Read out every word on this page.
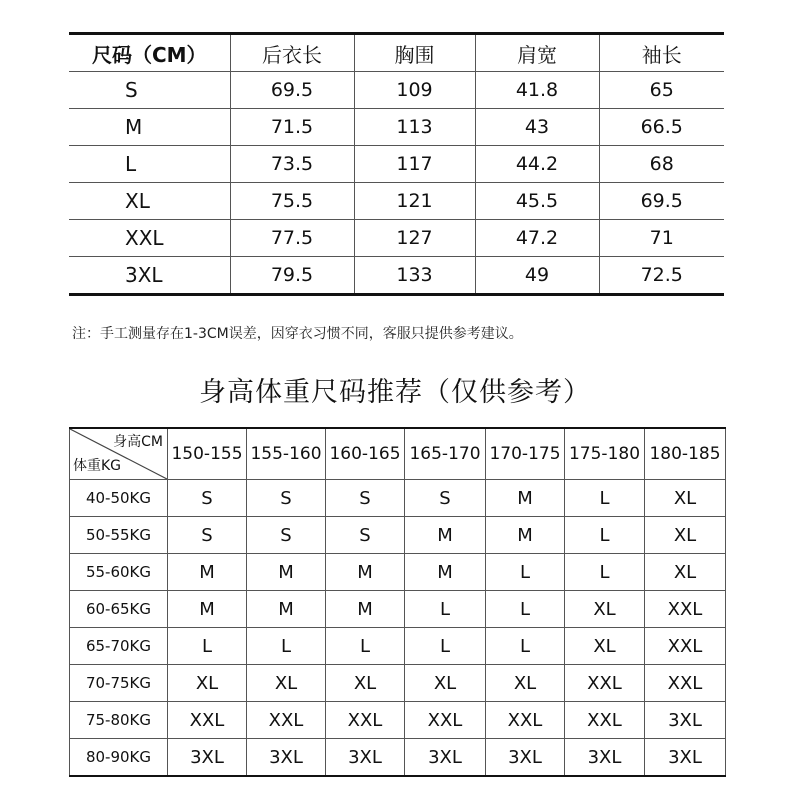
尺码（CM）	后衣长	胸围	肩宽	袖长
S	69.5	109	41.8	65
M	71.5	113	43	66.5
L	73.5	117	44.2	68
XL	75.5	121	45.5	69.5
XXL	77.5	127	47.2	71
3XL	79.5	133	49	72.5
注：手工测量存在1-3CM误差，因穿衣习惯不同，客服只提供参考建议。
身高体重尺码推荐（仅供参考）
身高CM
体重KG	150-155	155-160	160-165	165-170	170-175	175-180	180-185
40-50KG	S	S	S	S	M	L	XL
50-55KG	S	S	S	M	M	L	XL
55-60KG	M	M	M	M	L	L	XL
60-65KG	M	M	M	L	L	XL	XXL
65-70KG	L	L	L	L	L	XL	XXL
70-75KG	XL	XL	XL	XL	XL	XXL	XXL
75-80KG	XXL	XXL	XXL	XXL	XXL	XXL	3XL
80-90KG	3XL	3XL	3XL	3XL	3XL	3XL	3XL
